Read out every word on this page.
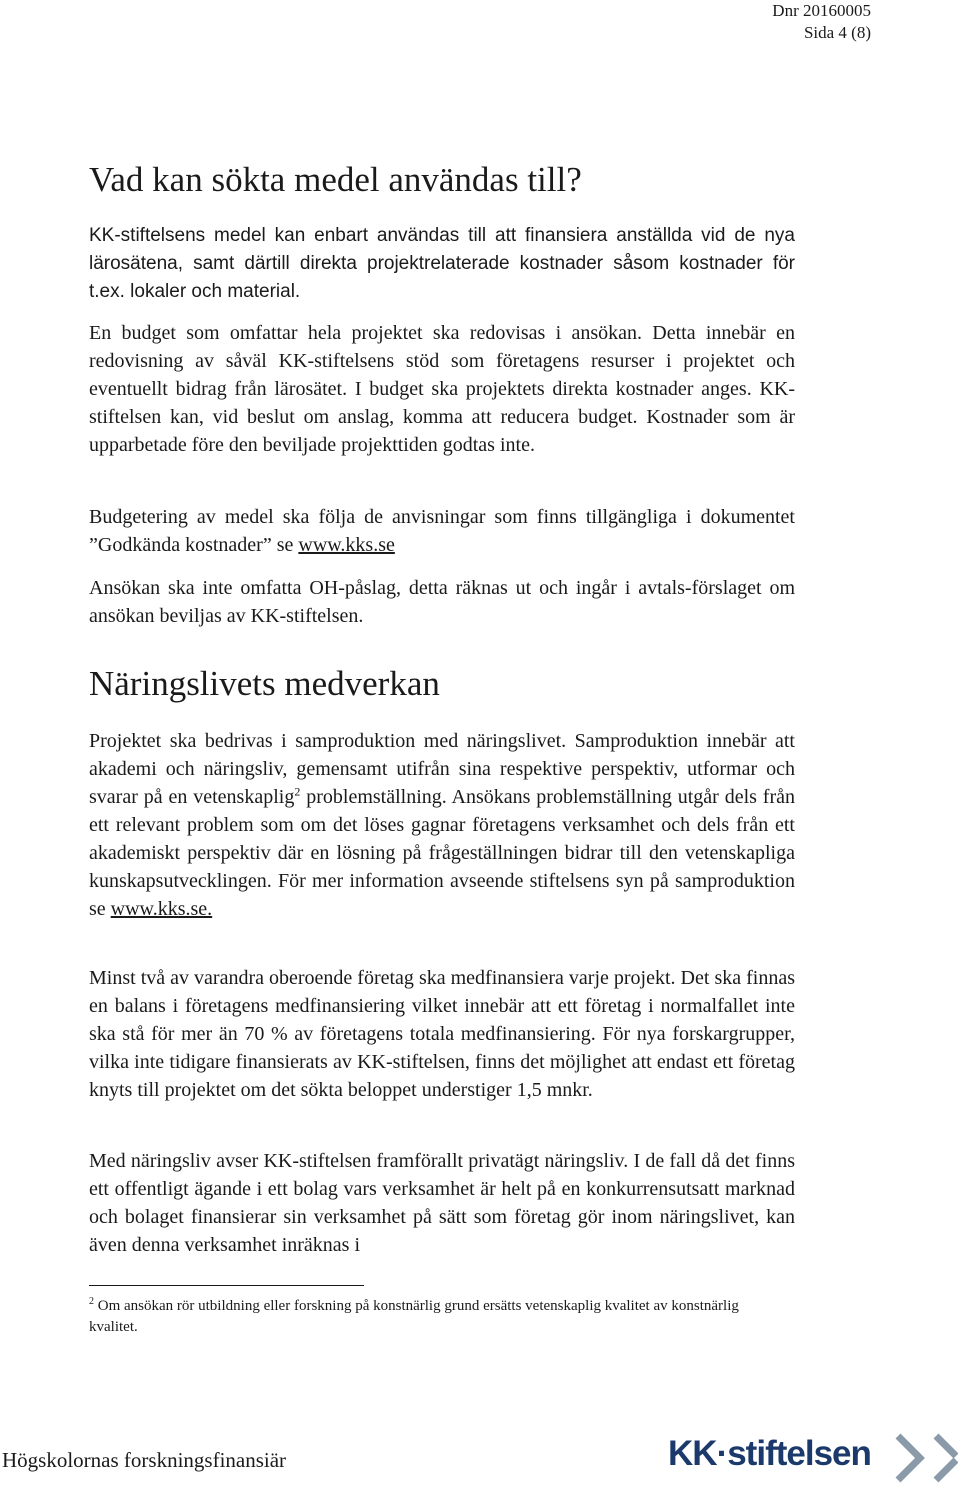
Dnr 20160005
Sida 4 (8)
Vad kan sökta medel användas till?

KK-stiftelsens medel kan enbart användas till att finansiera anställda vid de nya lärosätena, samt därtill direkta projektrelaterade kostnader såsom kostnader för t.ex. lokaler och material.

En budget som omfattar hela projektet ska redovisas i ansökan. Detta innebär en redovisning av såväl KK-stiftelsens stöd som företagens resurser i projektet och eventuellt bidrag från lärosätet. I budget ska projektets direkta kostnader anges. KK-stiftelsen kan, vid beslut om anslag, komma att reducera budget. Kostnader som är upparbetade före den beviljade projekttiden godtas inte.

Budgetering av medel ska följa de anvisningar som finns tillgängliga i dokumentet ”Godkända kostnader” se www.kks.se

Ansökan ska inte omfatta OH-påslag, detta räknas ut och ingår i avtals-förslaget om ansökan beviljas av KK-stiftelsen.

Näringslivets medverkan

Projektet ska bedrivas i samproduktion med näringslivet. Samproduktion innebär att akademi och näringsliv, gemensamt utifrån sina respektive perspektiv, utformar och svarar på en vetenskaplig$^2$ problemställning. Ansökans problemställning utgår dels från ett relevant problem som om det löses gagnar företagens verksamhet och dels från ett akademiskt perspektiv där en lösning på frågeställningen bidrar till den vetenskapliga kunskapsutvecklingen. För mer information avseende stiftelsens syn på samproduktion se www.kks.se.

Minst två av varandra oberoende företag ska medfinansiera varje projekt. Det ska finnas en balans i företagens medfinansiering vilket innebär att ett företag i normalfallet inte ska stå för mer än 70 % av företagens totala medfinansiering. För nya forskargrupper, vilka inte tidigare finansierats av KK-stiftelsen, finns det möjlighet att endast ett företag knyts till projektet om det sökta beloppet understiger 1,5 mnkr.

Med näringsliv avser KK-stiftelsen framförallt privatägt näringsliv. I de fall då det finns ett offentligt ägande i ett bolag vars verksamhet är helt på en konkurrensutsatt marknad och bolaget finansierar sin verksamhet på sätt som företag gör inom näringslivet, kan även denna verksamhet inräknas i

$^2$ Om ansökan rör utbildning eller forskning på konstnärlig grund ersätts vetenskaplig kvalitet av konstnärlig kvalitet.
Högskolornas forskningsfinansiär	KK·stiftelsen
